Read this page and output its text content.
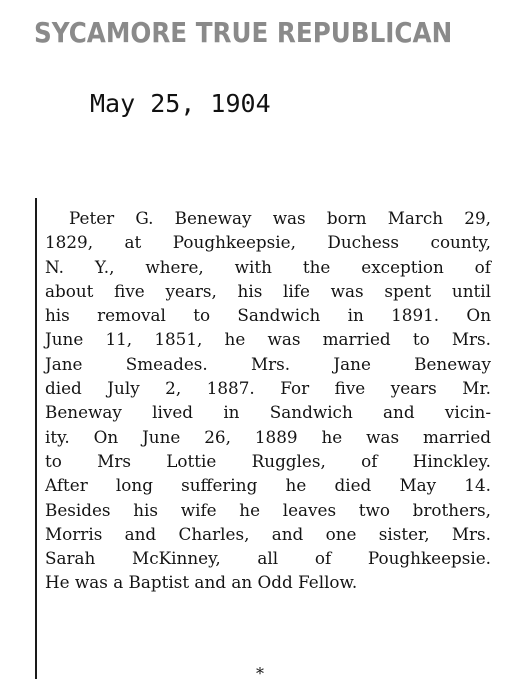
SYCAMORE TRUE REPUBLICAN
May 25, 1904
Peter G. Beneway was born March 29,
1829, at Poughkeepsie, Duchess county,
N. Y., where, with the exception of
about five years, his life was spent until
his removal to Sandwich in 1891. On
June 11, 1851, he was married to Mrs.
Jane Smeades. Mrs. Jane Beneway
died July 2, 1887. For five years Mr.
Beneway lived in Sandwich and vicin-
ity. On June 26, 1889 he was married
to Mrs Lottie Ruggles, of Hinckley.
After long suffering he died May 14.
Besides his wife he leaves two brothers,
Morris and Charles, and one sister, Mrs.
Sarah McKinney, all of Poughkeepsie.
He was a Baptist and an Odd Fellow.
*
